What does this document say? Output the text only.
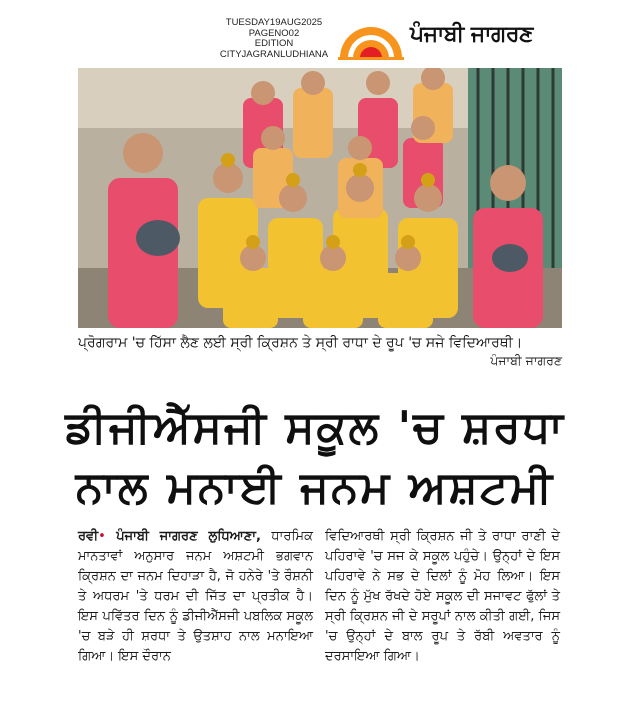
TUESDAY19AUG2025
PAGENO02
EDITION
CITYJAGRANLUDHIANA
ਪੰਜਾਬੀ ਜਾਗਰਣ
ਪ੍ਰੋਗਰਾਮ 'ਚ ਹਿੱਸਾ ਲੈਣ ਲਈ ਸ੍ਰੀ ਕ੍ਰਿਸ਼ਨ ਤੇ ਸ੍ਰੀ ਰਾਧਾ ਦੇ ਰੂਪ 'ਚ ਸਜੇ ਵਿਦਿਆਰਥੀ।
ਪੰਜਾਬੀ ਜਾਗਰਣ
ਡੀਜੀਐੱਸਜੀ ਸਕੂਲ 'ਚ ਸ਼ਰਧਾ
ਨਾਲ ਮਨਾਈ ਜਨਮ ਅਸ਼ਟਮੀ
ਰਵੀ• ਪੰਜਾਬੀ ਜਾਗਰਣ ਲੁਧਿਆਣਾ, ਧਾਰਮਿਕ ਮਾਨਤਾਵਾਂ ਅਨੁਸਾਰ ਜਨਮ ਅਸ਼ਟਮੀ ਭਗਵਾਨ ਕ੍ਰਿਸ਼ਨ ਦਾ ਜਨਮ ਦਿਹਾੜਾ ਹੈ, ਜੋ ਹਨੇਰੇ 'ਤੇ ਰੌਸ਼ਨੀ ਤੇ ਅਧਰਮ 'ਤੇ ਧਰਮ ਦੀ ਜਿੱਤ ਦਾ ਪ੍ਰਤੀਕ ਹੈ। ਇਸ ਪਵਿੱਤਰ ਦਿਨ ਨੂੰ ਡੀਜੀਐੱਸਜੀ ਪਬਲਿਕ ਸਕੂਲ 'ਚ ਬੜੇ ਹੀ ਸ਼ਰਧਾ ਤੇ ਉਤਸ਼ਾਹ ਨਾਲ ਮਨਾਇਆ ਗਿਆ। ਇਸ ਦੌਰਾਨ
ਵਿਦਿਆਰਥੀ ਸ੍ਰੀ ਕ੍ਰਿਸ਼ਨ ਜੀ ਤੇ ਰਾਧਾ ਰਾਣੀ ਦੇ ਪਹਿਰਾਵੇ 'ਚ ਸਜ ਕੇ ਸਕੂਲ ਪਹੁੰਚੇ। ਉਨ੍ਹਾਂ ਦੇ ਇਸ ਪਹਿਰਾਵੇ ਨੇ ਸਭ ਦੇ ਦਿਲਾਂ ਨੂੰ ਮੋਹ ਲਿਆ। ਇਸ ਦਿਨ ਨੂੰ ਮੁੱਖ ਰੱਖਦੇ ਹੋਏ ਸਕੂਲ ਦੀ ਸਜਾਵਟ ਫੁੱਲਾਂ ਤੇ ਸ੍ਰੀ ਕ੍ਰਿਸ਼ਨ ਜੀ ਦੇ ਸਰੂਪਾਂ ਨਾਲ ਕੀਤੀ ਗਈ, ਜਿਸ 'ਚ ਉਨ੍ਹਾਂ ਦੇ ਬਾਲ ਰੂਪ ਤੇ ਰੱਬੀ ਅਵਤਾਰ ਨੂੰ ਦਰਸਾਇਆ ਗਿਆ।
